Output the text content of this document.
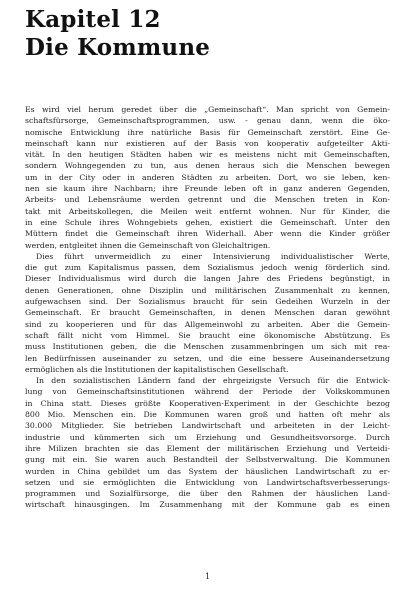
Kapitel 12
Die Kommune
Es wird viel herum geredet über die „Gemeinschaft“. Man spricht von Gemein-
schaftsfürsorge, Gemeinschaftsprogrammen, usw. - genau dann, wenn die öko-
nomische Entwicklung ihre natürliche Basis für Gemeinschaft zerstört. Eine Ge-
meinschaft kann nur existieren auf der Basis von kooperativ aufgeteilter Akti-
vität. In den heutigen Städten haben wir es meistens nicht mit Gemeinschaften,
sondern Wohngegenden zu tun, aus denen heraus sich die Menschen bewegen
um in der City oder in anderen Städten zu arbeiten. Dort, wo sie leben, ken-
nen sie kaum ihre Nachbarn; ihre Freunde leben oft in ganz anderen Gegenden,
Arbeits- und Lebensräume werden getrennt und die Menschen treten in Kon-
takt mit Arbeitskollegen, die Meilen weit entfernt wohnen. Nur für Kinder, die
in eine Schule ihres Wohngebiets gehen, existiert die Gemeinschaft. Unter den
Müttern findet die Gemeinschaft ihren Widerhall. Aber wenn die Kinder größer
werden, entgleitet ihnen die Gemeinschaft von Gleichaltrigen.
Dies führt unvermeidlich zu einer Intensivierung individualistischer Werte,
die gut zum Kapitalismus passen, dem Sozialismus jedoch wenig förderlich sind.
Dieser Individualismus wird durch die langen Jahre des Friedens begünstigt, in
denen Generationen, ohne Disziplin und militärischen Zusammenhalt zu kennen,
aufgewachsen sind. Der Sozialismus braucht für sein Gedeihen Wurzeln in der
Gemeinschaft. Er braucht Gemeinschaften, in denen Menschen daran gewöhnt
sind zu kooperieren und für das Allgemeinwohl zu arbeiten. Aber die Gemein-
schaft fällt nicht vom Himmel. Sie braucht eine ökonomische Abstützung. Es
muss Institutionen geben, die die Menschen zusammenbringen um sich mit rea-
len Bedürfnissen auseinander zu setzen, und die eine bessere Auseinandersetzung
ermöglichen als die Institutionen der kapitalistischen Gesellschaft.
In den sozialistischen Ländern fand der ehrgeizigste Versuch für die Entwick-
lung von Gemeinschaftsinstitutionen während der Periode der Volkskommunen
in China statt. Dieses größte Kooperativen-Experiment in der Geschichte bezog
800 Mio. Menschen ein. Die Kommunen waren groß und hatten oft mehr als
30.000 Mitglieder. Sie betrieben Landwirtschaft und arbeiteten in der Leicht-
industrie und kümmerten sich um Erziehung und Gesundheitsvorsorge. Durch
ihre Milizen brachten sie das Element der militärischen Erziehung und Verteidi-
gung mit ein. Sie waren auch Bestandteil der Selbstverwaltung. Die Kommunen
wurden in China gebildet um das System der häuslichen Landwirtschaft zu er-
setzen und sie ermöglichten die Entwicklung von Landwirtschaftsverbesserungs-
programmen und Sozialfürsorge, die über den Rahmen der häuslichen Land-
wirtschaft hinausgingen. Im Zusammenhang mit der Kommune gab es einen
1
